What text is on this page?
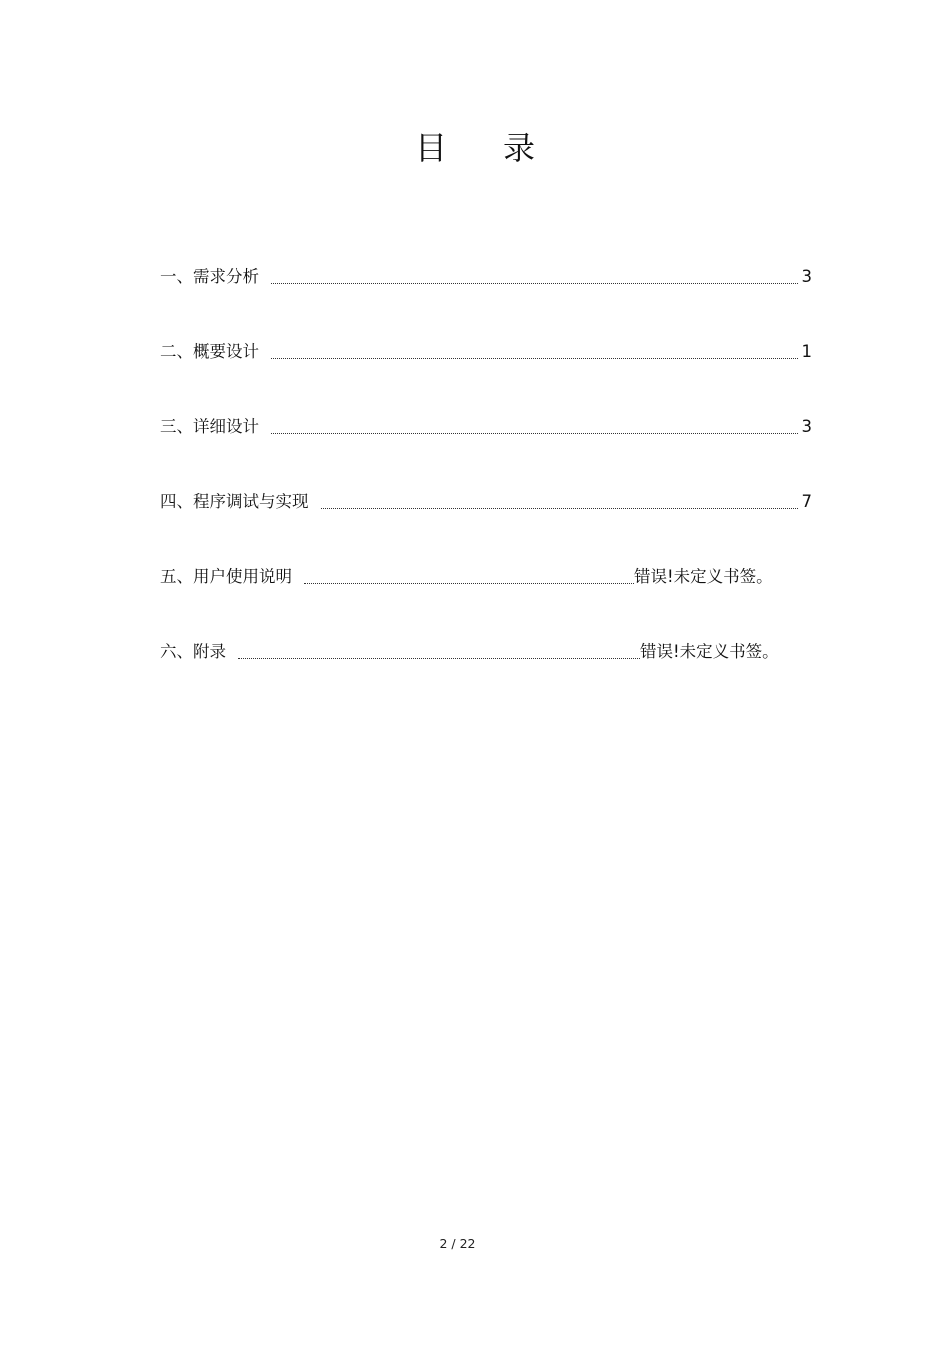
目 录
一、需求分析	3
二、概要设计	1
三、详细设计	3
四、程序调试与实现	7
五、用户使用说明	错误!未定义书签。
六、附录	错误!未定义书签。
2 / 22
